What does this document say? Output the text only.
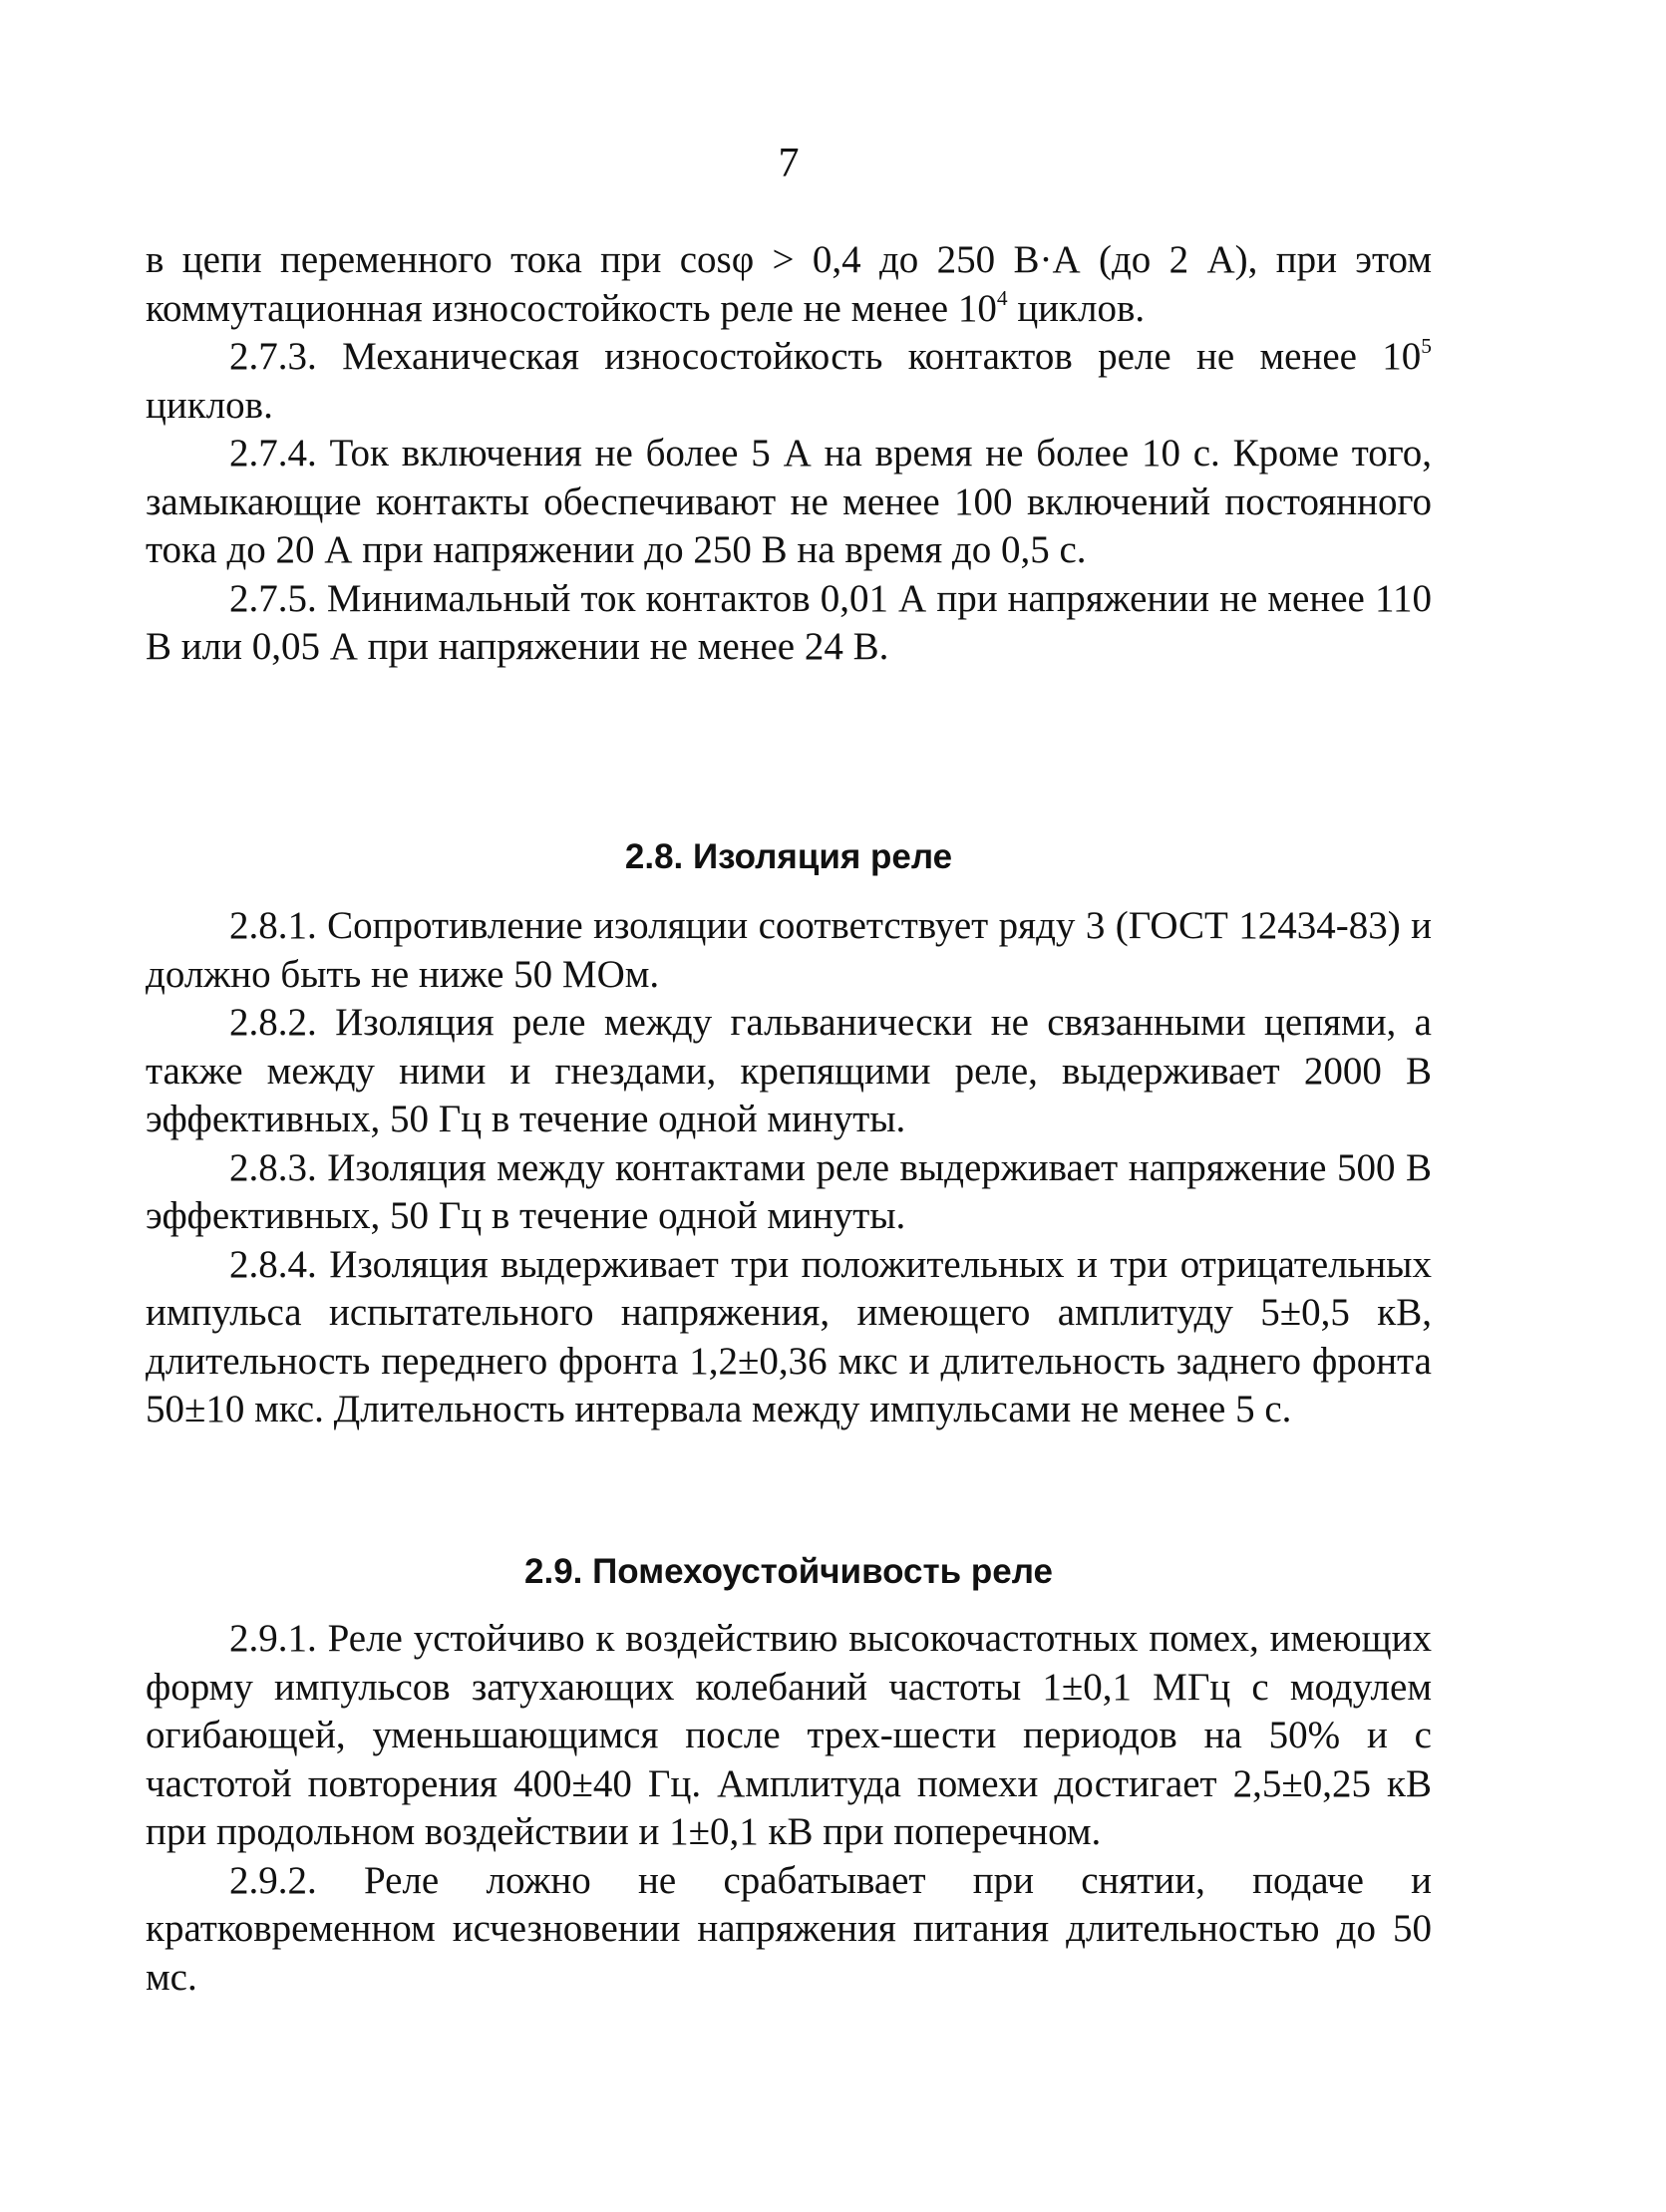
7

в цепи переменного тока при cosφ > 0,4 до 250 В·А (до 2 А), при этом коммутационная износостойкость реле не менее $10^4$ циклов.

2.7.3. Механическая износостойкость контактов реле не менее $10^5$ циклов.

2.7.4. Ток включения не более 5 А на время не более 10 с. Кроме того, замыкающие контакты обеспечивают не менее 100 включений постоянного тока до 20 А при напряжении до 250 В на время до 0,5 с.

2.7.5. Минимальный ток контактов 0,01 А при напряжении не менее 110 В или 0,05 А при напряжении не менее 24 В.

2.8. Изоляция реле

2.8.1. Сопротивление изоляции соответствует ряду 3 (ГОСТ 12434-83) и должно быть не ниже 50 МОм.

2.8.2. Изоляция реле между гальванически не связанными цепями, а также между ними и гнездами, крепящими реле, выдерживает 2000 В эффективных, 50 Гц в течение одной минуты.

2.8.3. Изоляция между контактами реле выдерживает напряжение 500 В эффективных, 50 Гц в течение одной минуты.

2.8.4. Изоляция выдерживает три положительных и три отрицательных импульса испытательного напряжения, имеющего амплитуду 5±0,5 кВ, длительность переднего фронта 1,2±0,36 мкс и длительность заднего фронта 50±10 мкс. Длительность интервала между импульсами не менее 5 с.

2.9. Помехоустойчивость реле

2.9.1. Реле устойчиво к воздействию высокочастотных помех, имеющих форму импульсов затухающих колебаний частоты 1±0,1 МГц с модулем огибающей, уменьшающимся после трех-шести периодов на 50% и с частотой повторения 400±40 Гц. Амплитуда помехи достигает 2,5±0,25 кВ при продольном воздействии и 1±0,1 кВ при поперечном.

2.9.2. Реле ложно не срабатывает при снятии, подаче и кратковременном исчезновении напряжения питания длительностью до 50 мс.
